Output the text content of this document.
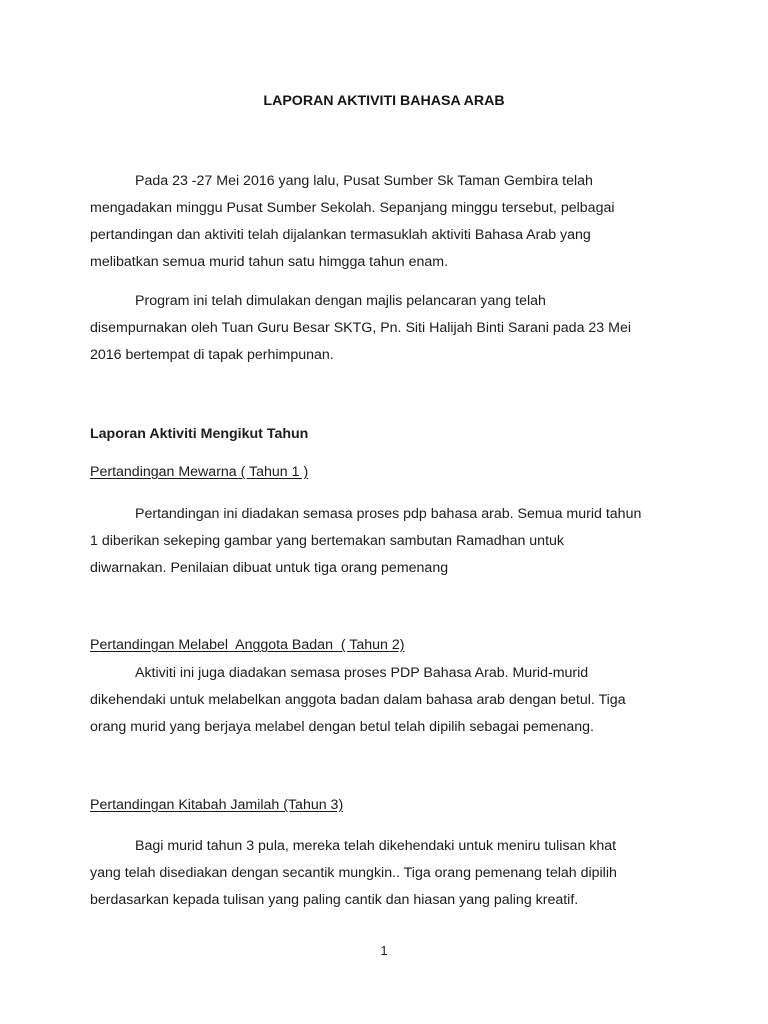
LAPORAN AKTIVITI BAHASA ARAB
Pada 23 -27 Mei 2016 yang lalu, Pusat Sumber Sk Taman Gembira telah
mengadakan minggu Pusat Sumber Sekolah. Sepanjang minggu tersebut, pelbagai
pertandingan dan aktiviti telah dijalankan termasuklah aktiviti Bahasa Arab yang
melibatkan semua murid tahun satu himgga tahun enam.
Program ini telah dimulakan dengan majlis pelancaran yang telah
disempurnakan oleh Tuan Guru Besar SKTG, Pn. Siti Halijah Binti Sarani pada 23 Mei
2016 bertempat di tapak perhimpunan.
Laporan Aktiviti Mengikut Tahun
Pertandingan Mewarna ( Tahun 1 )
Pertandingan ini diadakan semasa proses pdp bahasa arab. Semua murid tahun
1 diberikan sekeping gambar yang bertemakan sambutan Ramadhan untuk
diwarnakan. Penilaian dibuat untuk tiga orang pemenang
Pertandingan Melabel  Anggota Badan  ( Tahun 2)
Aktiviti ini juga diadakan semasa proses PDP Bahasa Arab. Murid-murid
dikehendaki untuk melabelkan anggota badan dalam bahasa arab dengan betul. Tiga
orang murid yang berjaya melabel dengan betul telah dipilih sebagai pemenang.
Pertandingan Kitabah Jamilah (Tahun 3)
Bagi murid tahun 3 pula, mereka telah dikehendaki untuk meniru tulisan khat
yang telah disediakan dengan secantik mungkin.. Tiga orang pemenang telah dipilih
berdasarkan kepada tulisan yang paling cantik dan hiasan yang paling kreatif.
1
